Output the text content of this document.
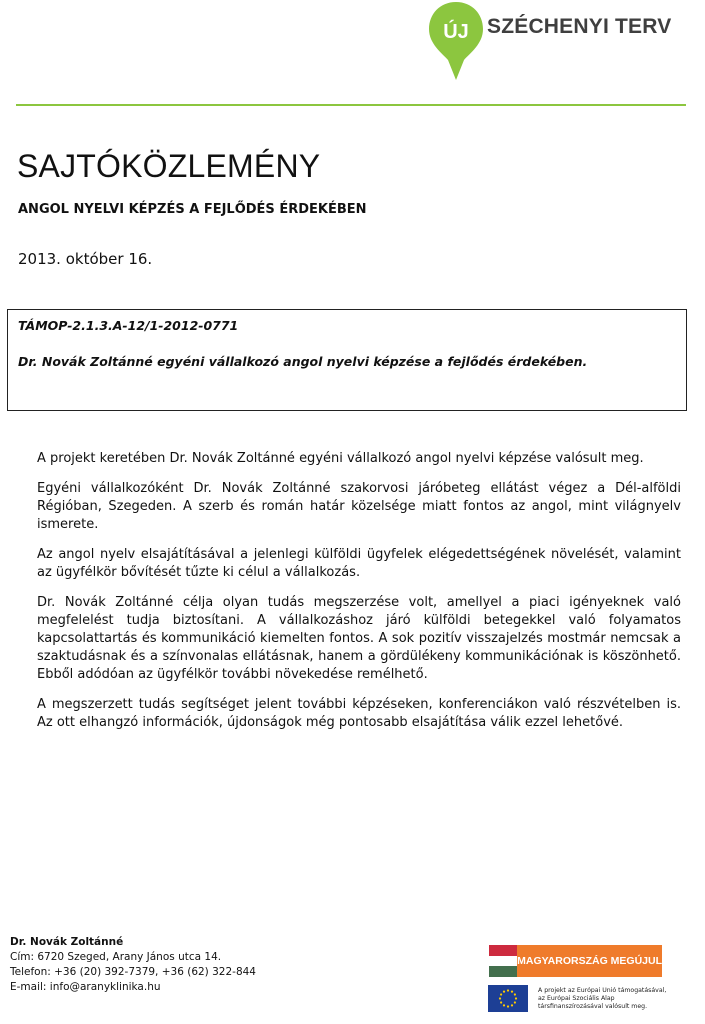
ÚJ SZÉCHENYI TERV
SAJTÓKÖZLEMÉNY
ANGOL NYELVI KÉPZÉS A FEJLŐDÉS ÉRDEKÉBEN
2013. október 16.

TÁMOP-2.1.3.A-12/1-2012-0771

Dr. Novák Zoltánné egyéni vállalkozó angol nyelvi képzése a fejlődés érdekében.

A projekt keretében Dr. Novák Zoltánné egyéni vállalkozó angol nyelvi képzése valósult meg.

Egyéni vállalkozóként Dr. Novák Zoltánné szakorvosi járóbeteg ellátást végez a Dél-alföldi Régióban, Szegeden. A szerb és román határ közelsége miatt fontos az angol, mint világnyelv ismerete.

Az angol nyelv elsajátításával a jelenlegi külföldi ügyfelek elégedettségének növelését, valamint az ügyfélkör bővítését tűzte ki célul a vállalkozás.

Dr. Novák Zoltánné célja olyan tudás megszerzése volt, amellyel a piaci igényeknek való megfelelést tudja biztosítani. A vállalkozáshoz járó külföldi betegekkel való folyamatos kapcsolattartás és kommunikáció kiemelten fontos. A sok pozitív visszajelzés mostmár nemcsak a szaktudásnak és a színvonalas ellátásnak, hanem a gördülékeny kommunikációnak is köszönhető. Ebből adódóan az ügyfélkör további növekedése remélhető.

A megszerzett tudás segítséget jelent további képzéseken, konferenciákon való részvételben is. Az ott elhangzó információk, újdonságok még pontosabb elsajátítása válik ezzel lehetővé.

Dr. Novák Zoltánné
Cím: 6720 Szeged, Arany János utca 14.
Telefon: +36 (20) 392-7379, +36 (62) 322-844
E-mail: info@aranyklinika.hu
MAGYARORSZÁG MEGÚJUL
A projekt az Európai Unió támogatásával,
az Európai Szociális Alap
társfinanszírozásával valósult meg.
